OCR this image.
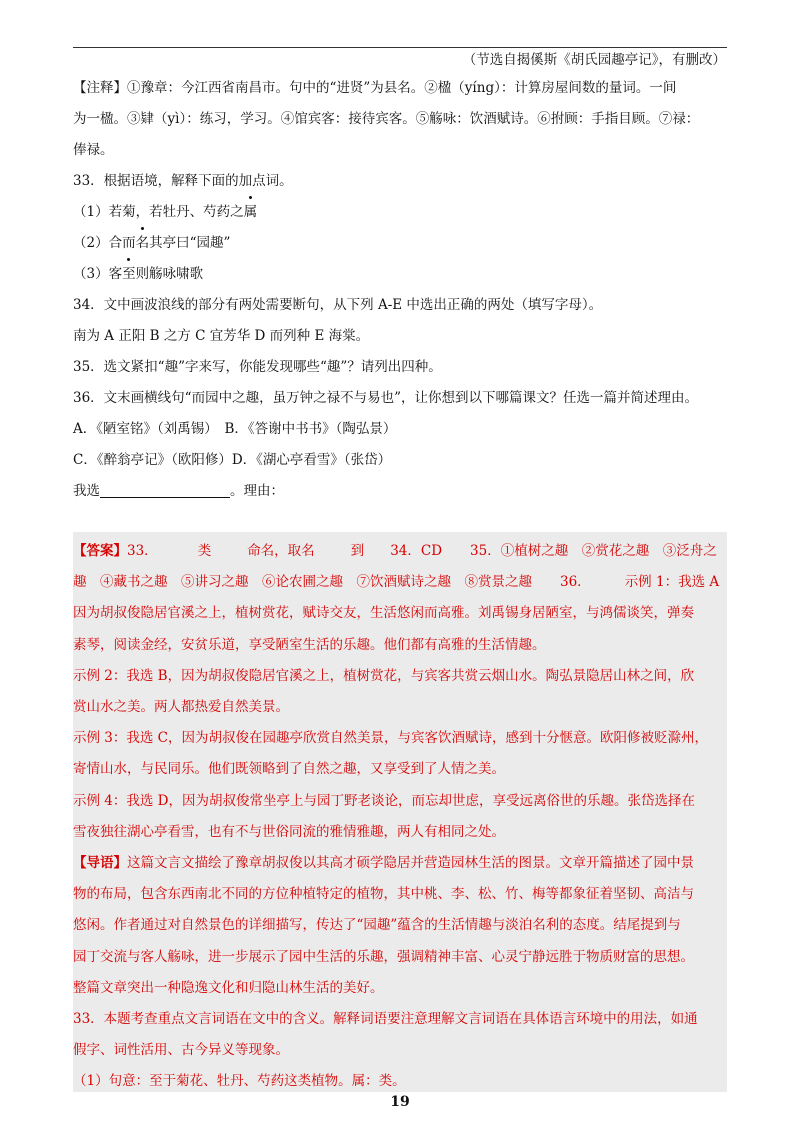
（节选自揭傒斯《胡氏园趣亭记》，有删改）
【注释】①豫章：今江西省南昌市。句中的“进贤”为县名。②楹（yíng）：计算房屋间数的量词。一间
为一楹。③肄（yì）：练习，学习。④馆宾客：接待宾客。⑤觞咏：饮酒赋诗。⑥拊顾：手指目顾。⑦禄：
俸禄。
33．根据语境，解释下面的加点词。
（1）若菊，若牡丹、芍药之属
（2）合而名其亭曰“园趣”
（3）客至则觞咏啸歌
34．文中画波浪线的部分有两处需要断句，从下列 A-E 中选出正确的两处（填写字母）。
南为 A 正阳 B 之方 C 宜芳华 D 而列种 E 海棠。
35．选文紧扣“趣”字来写，你能发现哪些“趣”？请列出四种。
36．文末画横线句“而园中之趣，虽万钟之禄不与易也”，让你想到以下哪篇课文？任选一篇并简述理由。
A．《陋室铭》（刘禹锡）　B．《答谢中书书》（陶弘景）
C．《醉翁亭记》（欧阳修）D．《湖心亭看雪》（张岱）
我选	。理由：
【答案】33．	类	命名，取名	到 34．CD 35．①植树之趣　②赏花之趣　③泛舟之
趣　④藏书之趣　⑤讲习之趣　⑥论农圃之趣　⑦饮酒赋诗之趣　⑧赏景之趣 36．	示例 1：我选 A
因为胡叔俊隐居官溪之上，植树赏花，赋诗交友，生活悠闲而高雅。刘禹锡身居陋室，与鸿儒谈笑，弹奏
素琴，阅读金经，安贫乐道，享受陋室生活的乐趣。他们都有高雅的生活情趣。
示例 2：我选 B，因为胡叔俊隐居官溪之上，植树赏花，与宾客共赏云烟山水。陶弘景隐居山林之间，欣
赏山水之美。两人都热爱自然美景。
示例 3：我选 C，因为胡叔俊在园趣亭欣赏自然美景，与宾客饮酒赋诗，感到十分惬意。欧阳修被贬滁州，
寄情山水，与民同乐。他们既领略到了自然之趣，又享受到了人情之美。
示例 4：我选 D，因为胡叔俊常坐亭上与园丁野老谈论，而忘却世虑，享受远离俗世的乐趣。张岱选择在
雪夜独往湖心亭看雪，也有不与世俗同流的雅情雅趣，两人有相同之处。
【导语】这篇文言文描绘了豫章胡叔俊以其高才硕学隐居并营造园林生活的图景。文章开篇描述了园中景
物的布局，包含东西南北不同的方位种植特定的植物，其中桃、李、松、竹、梅等都象征着坚韧、高洁与
悠闲。作者通过对自然景色的详细描写，传达了“园趣”蕴含的生活情趣与淡泊名利的态度。结尾提到与
园丁交流与客人觞咏，进一步展示了园中生活的乐趣，强调精神丰富、心灵宁静远胜于物质财富的思想。
整篇文章突出一种隐逸文化和归隐山林生活的美好。
33．本题考查重点文言词语在文中的含义。解释词语要注意理解文言词语在具体语言环境中的用法，如通
假字、词性活用、古今异义等现象。
（1）句意：至于菊花、牡丹、芍药这类植物。属：类。
19
